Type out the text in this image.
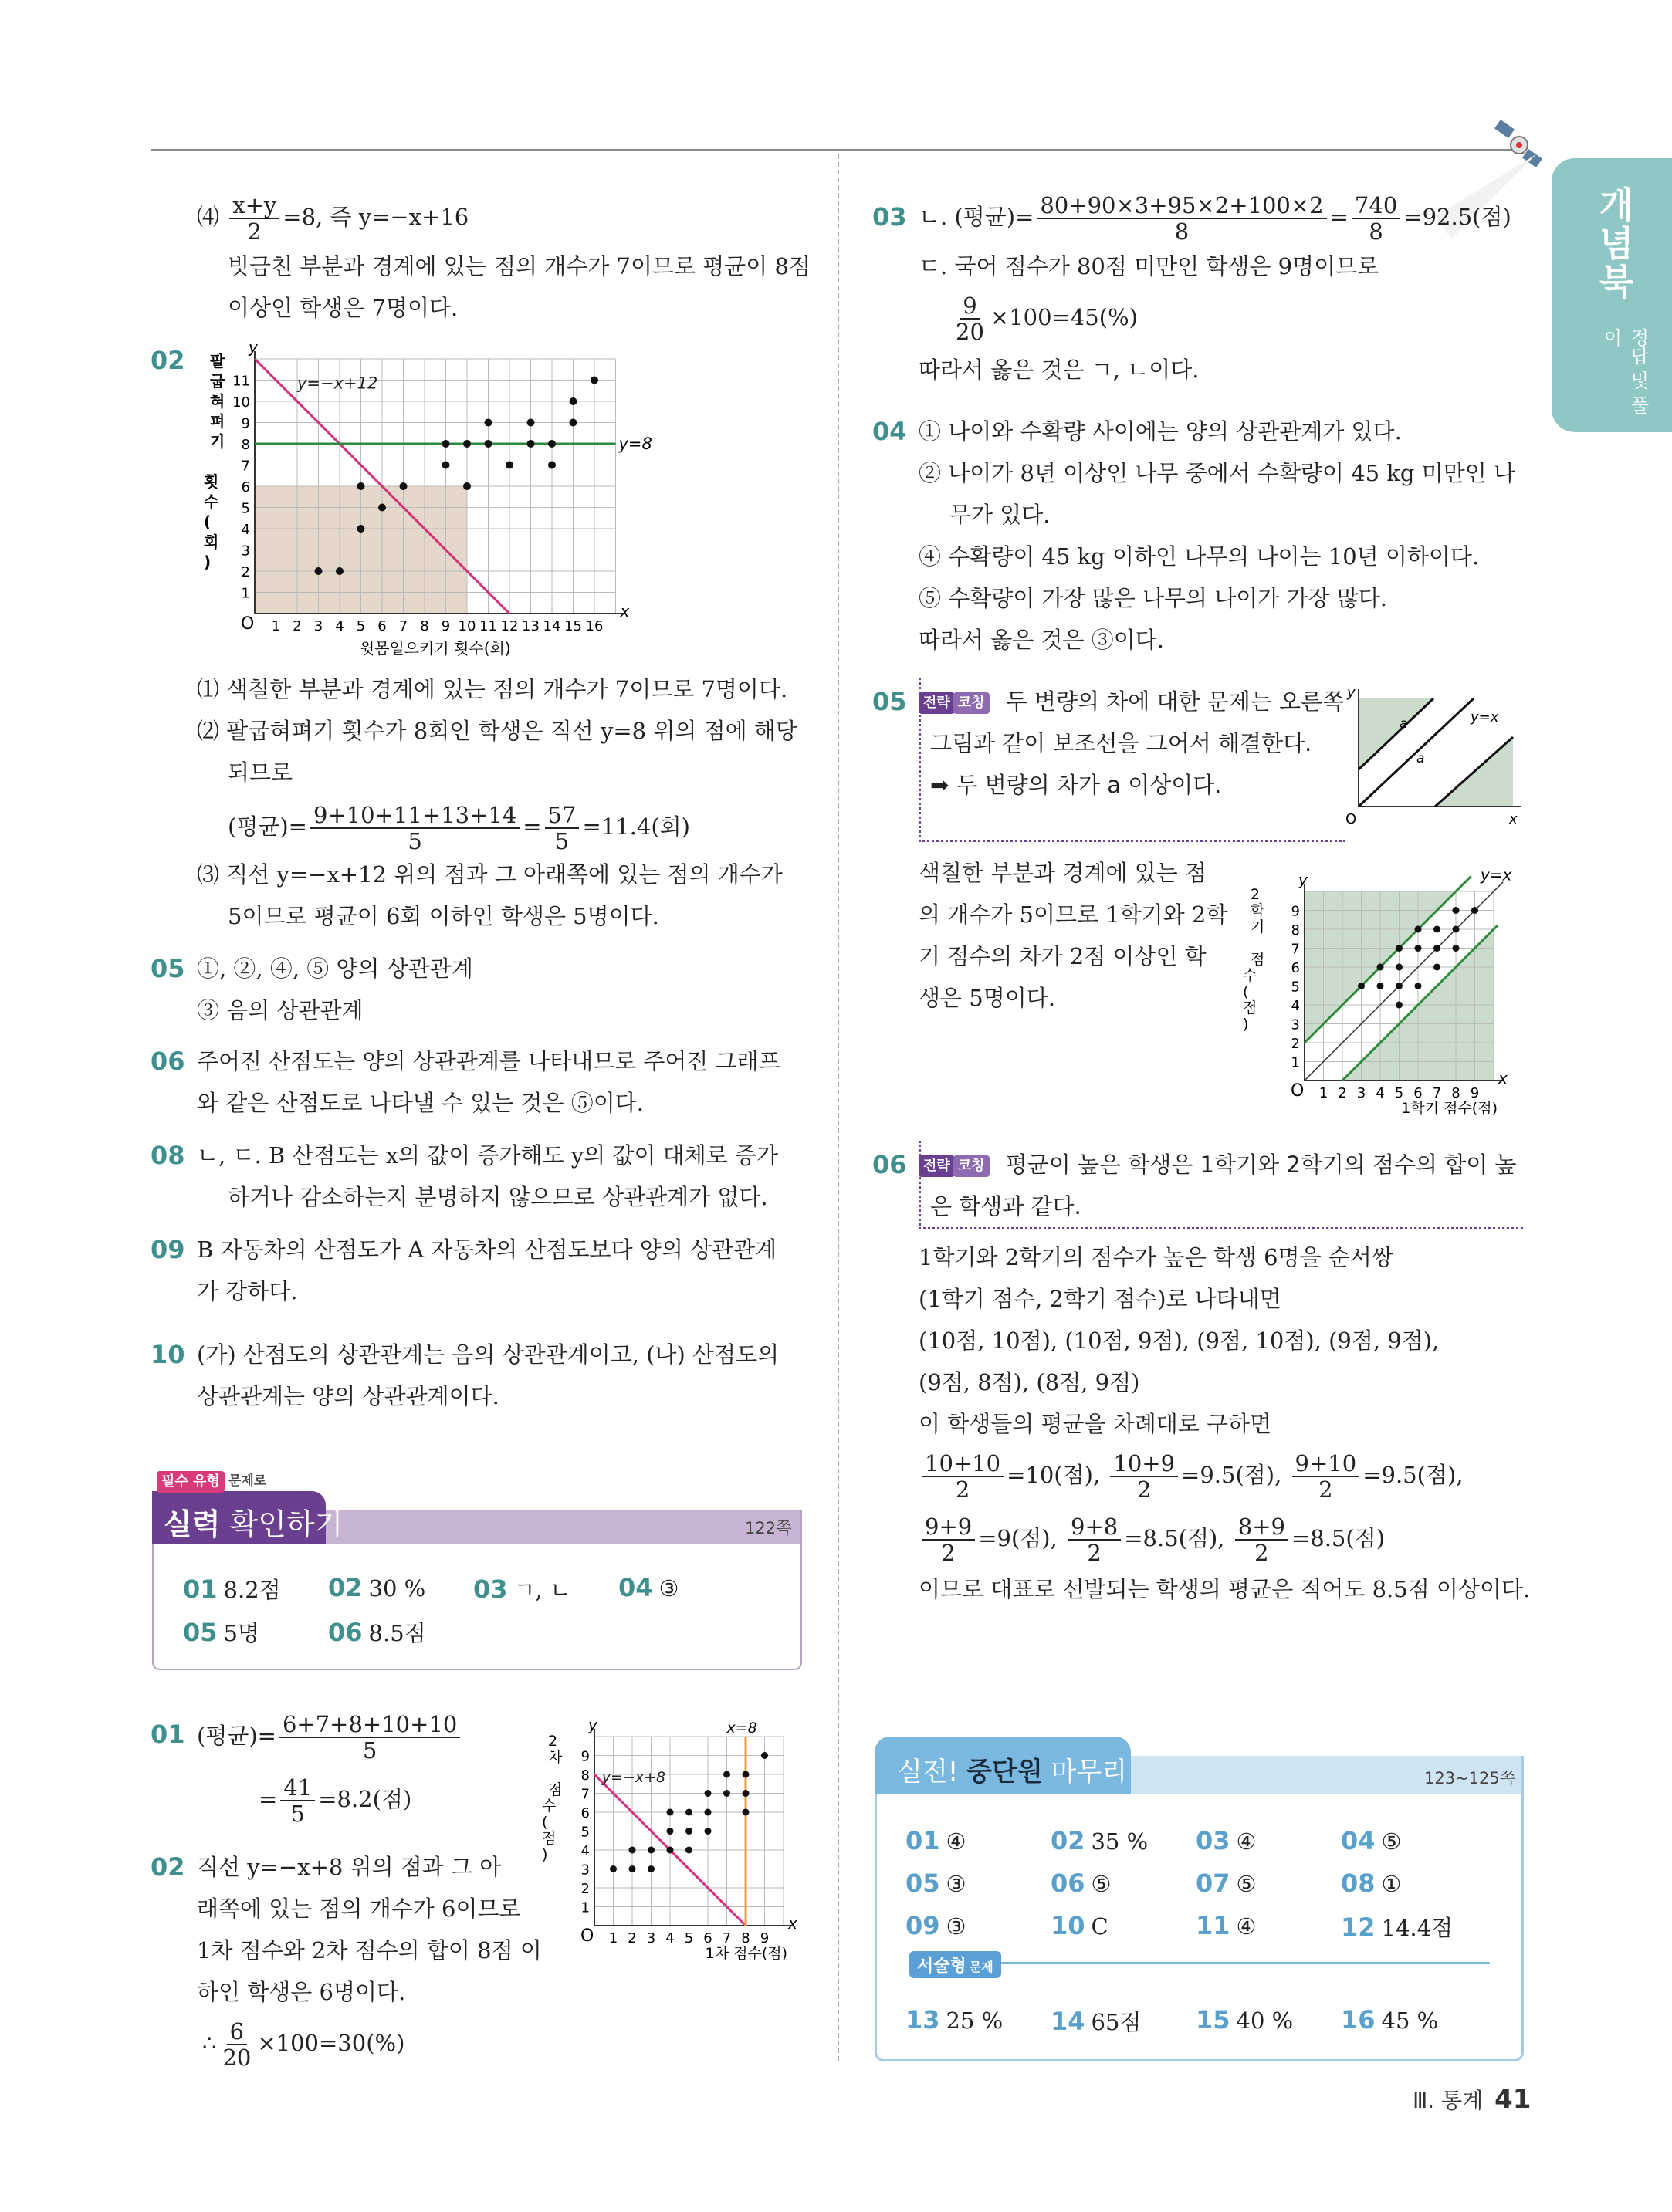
개념북
정답 및 풀이
⑷ $\frac{x+y}{2} =8$, 즉 y=−x+16
빗금친 부분과 경계에 있는 점의 개수가 7이므로 평균이 8점
이상인 학생은 7명이다.
02
O
x
y
1 2 3 4 5 6 7 8 9 10 11 12 13 14 15 16
1
2
3
4
5
6
7
8
9
10
11	y=−x+12
y=8
윗몸일으키기 횟수(회)
팔 굽 혀 펴 기 횟 수 ( 회 )
⑴ 색칠한 부분과 경계에 있는 점의 개수가 7이므로 7명이다.
⑵ 팔굽혀펴기 횟수가 8회인 학생은 직선 y=8 위의 점에 해당
되므로
(평균)= $\frac{9+10+11+13+14}{5} = \frac{57}{5} =11.4$(회)
⑶ 직선 y=−x+12 위의 점과 그 아래쪽에 있는 점의 개수가
5이므로 평균이 6회 이하인 학생은 5명이다.
05 ①, ②, ④, ⑤ 양의 상관관계
③ 음의 상관관계
06 주어진 산점도는 양의 상관관계를 나타내므로 주어진 그래프
와 같은 산점도로 나타낼 수 있는 것은 ⑤이다.
08 ㄴ, ㄷ. B 산점도는 x의 값이 증가해도 y의 값이 대체로 증가
하거나 감소하는지 분명하지 않으므로 상관관계가 없다.
09 B 자동차의 산점도가 A 자동차의 산점도보다 양의 상관관계
가 강하다.
10 (가) 산점도의 상관관계는 음의 상관관계이고, (나) 산점도의
상관관계는 양의 상관관계이다.
필수 유형 문제로
실력 확인하기	122쪽
01 8.2점 02 30 % 03 ㄱ, ㄴ 04 ③
05 5명	06 8.5점
01 (평균)= $\frac{6+7+8+10+10}{5}$
= $\frac{41}{5} =8.2$(점)
O
x
y
1 2 3 4 5 6 7 8 9
1
2
3
4
5
6
7
8
9
y=−x+8
x=8
1차 점수(점)
2 차 점 수 ( 점 )
02 직선 y=−x+8 위의 점과 그 아
래쪽에 있는 점의 개수가 6이므로
1차 점수와 2차 점수의 합이 8점 이
하인 학생은 6명이다.
∴ $\frac{6}{20} \times 100=30(\%)$
03 ㄴ. (평균)= $\frac{80+90\times 3+95\times 2+100\times 2}{8} = \frac{740}{8} =92.5$(점)
ㄷ. 국어 점수가 80점 미만인 학생은 9명이므로
$\frac{9}{20} \times 100=45(\%)$
따라서 옳은 것은 ㄱ, ㄴ이다.
04 ① 나이와 수확량 사이에는 양의 상관관계가 있다.
② 나이가 8년 이상인 나무 중에서 수확량이 45 kg 미만인 나
무가 있다.
④ 수확량이 45 kg 이하인 나무의 나이는 10년 이하이다.
⑤ 수확량이 가장 많은 나무의 나이가 가장 많다.
따라서 옳은 것은 ③이다.
05	전략 코칭 두 변량의 차에 대한 문제는 오른쪽
그림과 같이 보조선을 그어서 해결한다.
➡ 두 변량의 차가 a 이상이다.
y
x
O
y=x
a
a
색칠한 부분과 경계에 있는 점
의 개수가 5이므로 1학기와 2학
기 점수의 차가 2점 이상인 학
생은 5명이다.
O
x
y
1 2 3 4 5 6 7 8 9
1
2
3
4
5
6
7
8
9
y=x
1학기 점수(점)
2 학 기 점 수 ( 점 )
06	전략 코칭 평균이 높은 학생은 1학기와 2학기의 점수의 합이 높
은 학생과 같다.
1학기와 2학기의 점수가 높은 학생 6명을 순서쌍
(1학기 점수, 2학기 점수)로 나타내면
(10점, 10점), (10점, 9점), (9점, 10점), (9점, 9점),
(9점, 8점), (8점, 9점)
이 학생들의 평균을 차례대로 구하면
$\frac{10+10}{2} =10$(점), $\frac{10+9}{2} =9.5$(점), $\frac{9+10}{2} =9.5$(점),
$\frac{9+9}{2} =9$(점), $\frac{9+8}{2} =8.5$(점), $\frac{8+9}{2} =8.5$(점)
이므로 대표로 선발되는 학생의 평균은 적어도 8.5점 이상이다.
실전! 중단원 마무리	123~125쪽
01 ④	02 35 % 03 ④	04 ⑤
05 ③	06 ⑤	07 ⑤	08 ①
09 ③	10 C	11 ④	12 14.4점
서술형 문제
13 25 % 14 65점 15 40 % 16 45 %
Ⅲ. 통계 41
